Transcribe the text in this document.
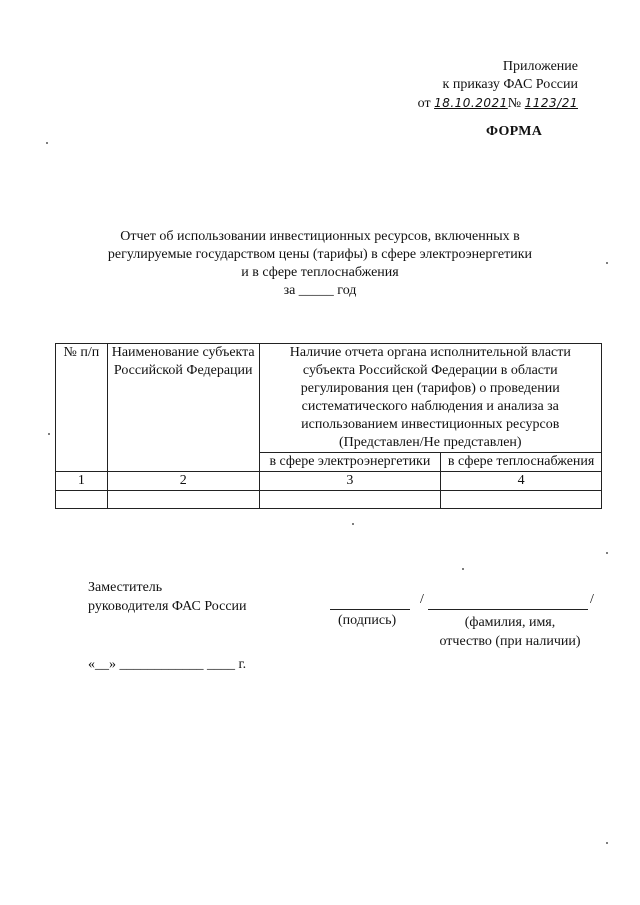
Приложение
к приказу ФАС России
от 18.10.2021№ 1123/21
ФОРМА
Отчет об использовании инвестиционных ресурсов, включенных в
регулируемые государством цены (тарифы) в сфере электроэнергетики
и в сфере теплоснабжения
за _____ год
№ п/п	Наименование субъекта Российской Федерации	Наличие отчета органа исполнительной власти субъекта Российской Федерации в области регулирования цен (тарифов) о проведении систематического наблюдения и анализа за использованием инвестиционных ресурсов (Представлен/Не представлен)	
		в сфере электроэнергетики	в сфере теплоснабжения
1	2	3	4

Заместитель
руководителя ФАС России	/	/
(подпись)	(фамилия, имя,
отчество (при наличии)
«__» ____________ ____ г.
